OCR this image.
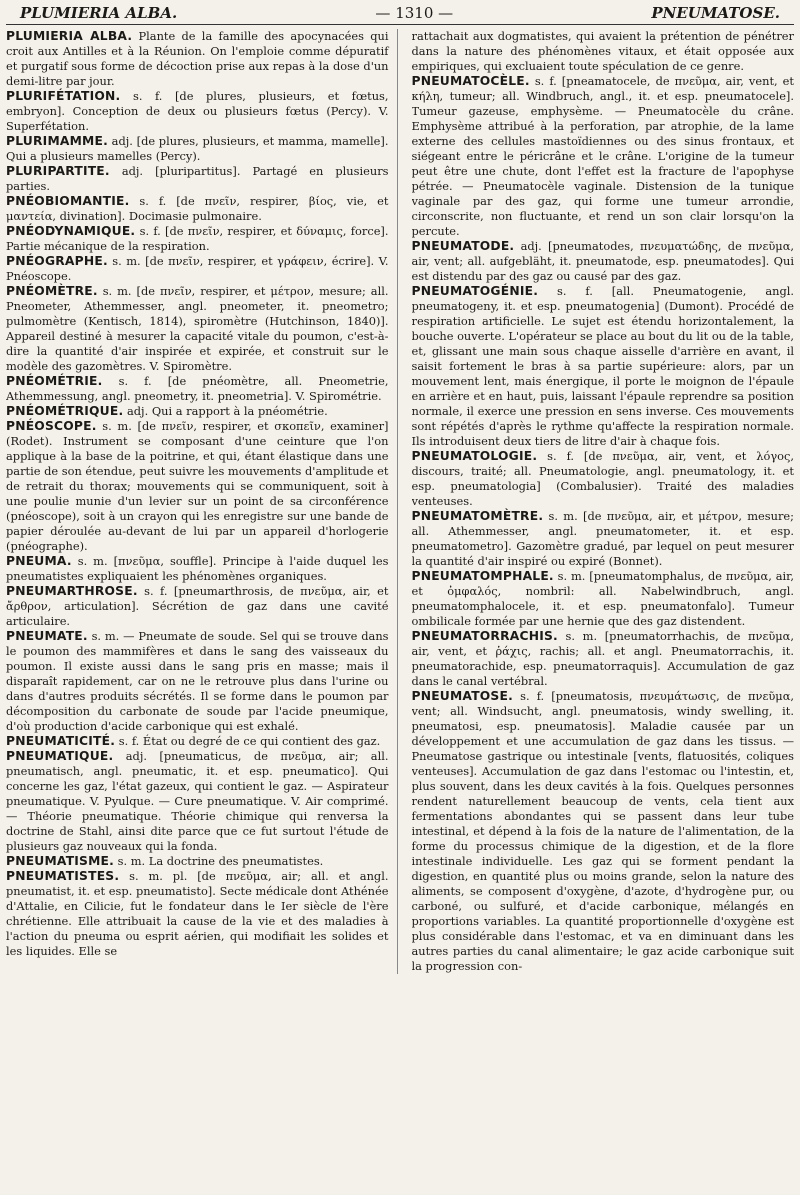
PLUMIERIA ALBA.	— 1310 —	PNEUMATOSE.

PLUMIERIA ALBA. Plante de la famille des apocynacées qui croit aux Antilles et à la Réunion. On l'emploie comme dépuratif et purgatif sous forme de décoction prise aux repas à la dose d'un demi-litre par jour.

PLURIFÉTATION. s. f. [de plures, plusieurs, et fœtus, embryon]. Conception de deux ou plusieurs fœtus (Percy). V. Superfétation.

PLURIMAMME. adj. [de plures, plusieurs, et mamma, mamelle]. Qui a plusieurs mamelles (Percy).

PLURIPARTITE. adj. [pluripartitus]. Partagé en plusieurs parties.

PNÉOBIOMANTIE. s. f. [de πνεῖν, respirer, βίος, vie, et μαντεία, divination]. Docimasie pulmonaire.

PNÉODYNAMIQUE. s. f. [de πνεῖν, respirer, et δύναμις, force]. Partie mécanique de la respiration.

PNÉOGRAPHE. s. m. [de πνεῖν, respirer, et γράφειν, écrire]. V. Pnéoscope.

PNÉOMÈTRE. s. m. [de πνεῖν, respirer, et μέτρον, mesure; all. Pneometer, Athemmesser, angl. pneometer, it. pneometro; pulmomètre (Kentisch, 1814), spiromètre (Hutchinson, 1840)]. Appareil destiné à mesurer la capacité vitale du poumon, c'est-à-dire la quantité d'air inspirée et expirée, et construit sur le modèle des gazomètres. V. Spiromètre.

PNÉOMÉTRIE. s. f. [de pnéomètre, all. Pneometrie, Athemmessung, angl. pneometry, it. pneometria]. V. Spirométrie.

PNÉOMÉTRIQUE. adj. Qui a rapport à la pnéométrie.

PNÉOSCOPE. s. m. [de πνεῖν, respirer, et σκοπεῖν, examiner] (Rodet). Instrument se composant d'une ceinture que l'on applique à la base de la poitrine, et qui, étant élastique dans une partie de son étendue, peut suivre les mouvements d'amplitude et de retrait du thorax; mouvements qui se communiquent, soit à une poulie munie d'un levier sur un point de sa circonférence (pnéoscope), soit à un crayon qui les enregistre sur une bande de papier déroulée au-devant de lui par un appareil d'horlogerie (pnéographe).

PNEUMA. s. m. [πνεῦμα, souffle]. Principe à l'aide duquel les pneumatistes expliquaient les phénomènes organiques.

PNEUMARTHROSE. s. f. [pneumarthrosis, de πνεῦμα, air, et ἄρθρον, articulation]. Sécrétion de gaz dans une cavité articulaire.

PNEUMATE. s. m. — Pneumate de soude. Sel qui se trouve dans le poumon des mammifères et dans le sang des vaisseaux du poumon. Il existe aussi dans le sang pris en masse; mais il disparaît rapidement, car on ne le retrouve plus dans l'urine ou dans d'autres produits sécrétés. Il se forme dans le poumon par décomposition du carbonate de soude par l'acide pneumique, d'où production d'acide carbonique qui est exhalé.

PNEUMATICITÉ. s. f. État ou degré de ce qui contient des gaz.

PNEUMATIQUE. adj. [pneumaticus, de πνεῦμα, air; all. pneumatisch, angl. pneumatic, it. et esp. pneumatico]. Qui concerne les gaz, l'état gazeux, qui contient le gaz. — Aspirateur pneumatique. V. Pyulque. — Cure pneumatique. V. Air comprimé. — Théorie pneumatique. Théorie chimique qui renversa la doctrine de Stahl, ainsi dite parce que ce fut surtout l'étude de plusieurs gaz nouveaux qui la fonda.

PNEUMATISME. s. m. La doctrine des pneumatistes.

PNEUMATISTES. s. m. pl. [de πνεῦμα, air; all. et angl. pneumatist, it. et esp. pneumatisto]. Secte médicale dont Athénée d'Attalie, en Cilicie, fut le fondateur dans le Ier siècle de l'ère chrétienne. Elle attribuait la cause de la vie et des maladies à l'action du pneuma ou esprit aérien, qui modifiait les solides et les liquides. Elle se

rattachait aux dogmatistes, qui avaient la prétention de pénétrer dans la nature des phénomènes vitaux, et était opposée aux empiriques, qui excluaient toute spéculation de ce genre.

PNEUMATOCÈLE. s. f. [pneamatocele, de πνεῦμα, air, vent, et κήλη, tumeur; all. Windbruch, angl., it. et esp. pneumatocele]. Tumeur gazeuse, emphysème. — Pneumatocèle du crâne. Emphysème attribué à la perforation, par atrophie, de la lame externe des cellules mastoïdiennes ou des sinus frontaux, et siégeant entre le péricrâne et le crâne. L'origine de la tumeur peut être une chute, dont l'effet est la fracture de l'apophyse pétrée. — Pneumatocèle vaginale. Distension de la tunique vaginale par des gaz, qui forme une tumeur arrondie, circonscrite, non fluctuante, et rend un son clair lorsqu'on la percute.

PNEUMATODE. adj. [pneumatodes, πνευματώδης, de πνεῦμα, air, vent; all. aufgebläht, it. pneumatode, esp. pneumatodes]. Qui est distendu par des gaz ou causé par des gaz.

PNEUMATOGÉNIE. s. f. [all. Pneumatogenie, angl. pneumatogeny, it. et esp. pneumatogenia] (Dumont). Procédé de respiration artificielle. Le sujet est étendu horizontalement, la bouche ouverte. L'opérateur se place au bout du lit ou de la table, et, glissant une main sous chaque aisselle d'arrière en avant, il saisit fortement le bras à sa partie supérieure: alors, par un mouvement lent, mais énergique, il porte le moignon de l'épaule en arrière et en haut, puis, laissant l'épaule reprendre sa position normale, il exerce une pression en sens inverse. Ces mouvements sont répétés d'après le rythme qu'affecte la respiration normale. Ils introduisent deux tiers de litre d'air à chaque fois.

PNEUMATOLOGIE. s. f. [de πνεῦμα, air, vent, et λόγος, discours, traité; all. Pneumatologie, angl. pneumatology, it. et esp. pneumatologia] (Combalusier). Traité des maladies venteuses.

PNEUMATOMÈTRE. s. m. [de πνεῦμα, air, et μέτρον, mesure; all. Athemmesser, angl. pneumatometer, it. et esp. pneumatometro]. Gazomètre gradué, par lequel on peut mesurer la quantité d'air inspiré ou expiré (Bonnet).

PNEUMATOMPHALE. s. m. [pneumatomphalus, de πνεῦμα, air, et ὀμφαλός, nombril: all. Nabelwindbruch, angl. pneumatomphalocele, it. et esp. pneumatonfalo]. Tumeur ombilicale formée par une hernie que des gaz distendent.

PNEUMATORRACHIS. s. m. [pneumatorrhachis, de πνεῦμα, air, vent, et ῥάχις, rachis; all. et angl. Pneumatorrachis, it. pneumatorachide, esp. pneumatorraquis]. Accumulation de gaz dans le canal vertébral.

PNEUMATOSE. s. f. [pneumatosis, πνευμάτωσις, de πνεῦμα, vent; all. Windsucht, angl. pneumatosis, windy swelling, it. pneumatosi, esp. pneumatosis]. Maladie causée par un développement et une accumulation de gaz dans les tissus. — Pneumatose gastrique ou intestinale [vents, flatuosités, coliques venteuses]. Accumulation de gaz dans l'estomac ou l'intestin, et, plus souvent, dans les deux cavités à la fois. Quelques personnes rendent naturellement beaucoup de vents, cela tient aux fermentations abondantes qui se passent dans leur tube intestinal, et dépend à la fois de la nature de l'alimentation, de la forme du processus chimique de la digestion, et de la flore intestinale individuelle. Les gaz qui se forment pendant la digestion, en quantité plus ou moins grande, selon la nature des aliments, se composent d'oxygène, d'azote, d'hydrogène pur, ou carboné, ou sulfuré, et d'acide carbonique, mélangés en proportions variables. La quantité proportionnelle d'oxygène est plus considérable dans l'estomac, et va en diminuant dans les autres parties du canal alimentaire; le gaz acide carbonique suit la progression con-
